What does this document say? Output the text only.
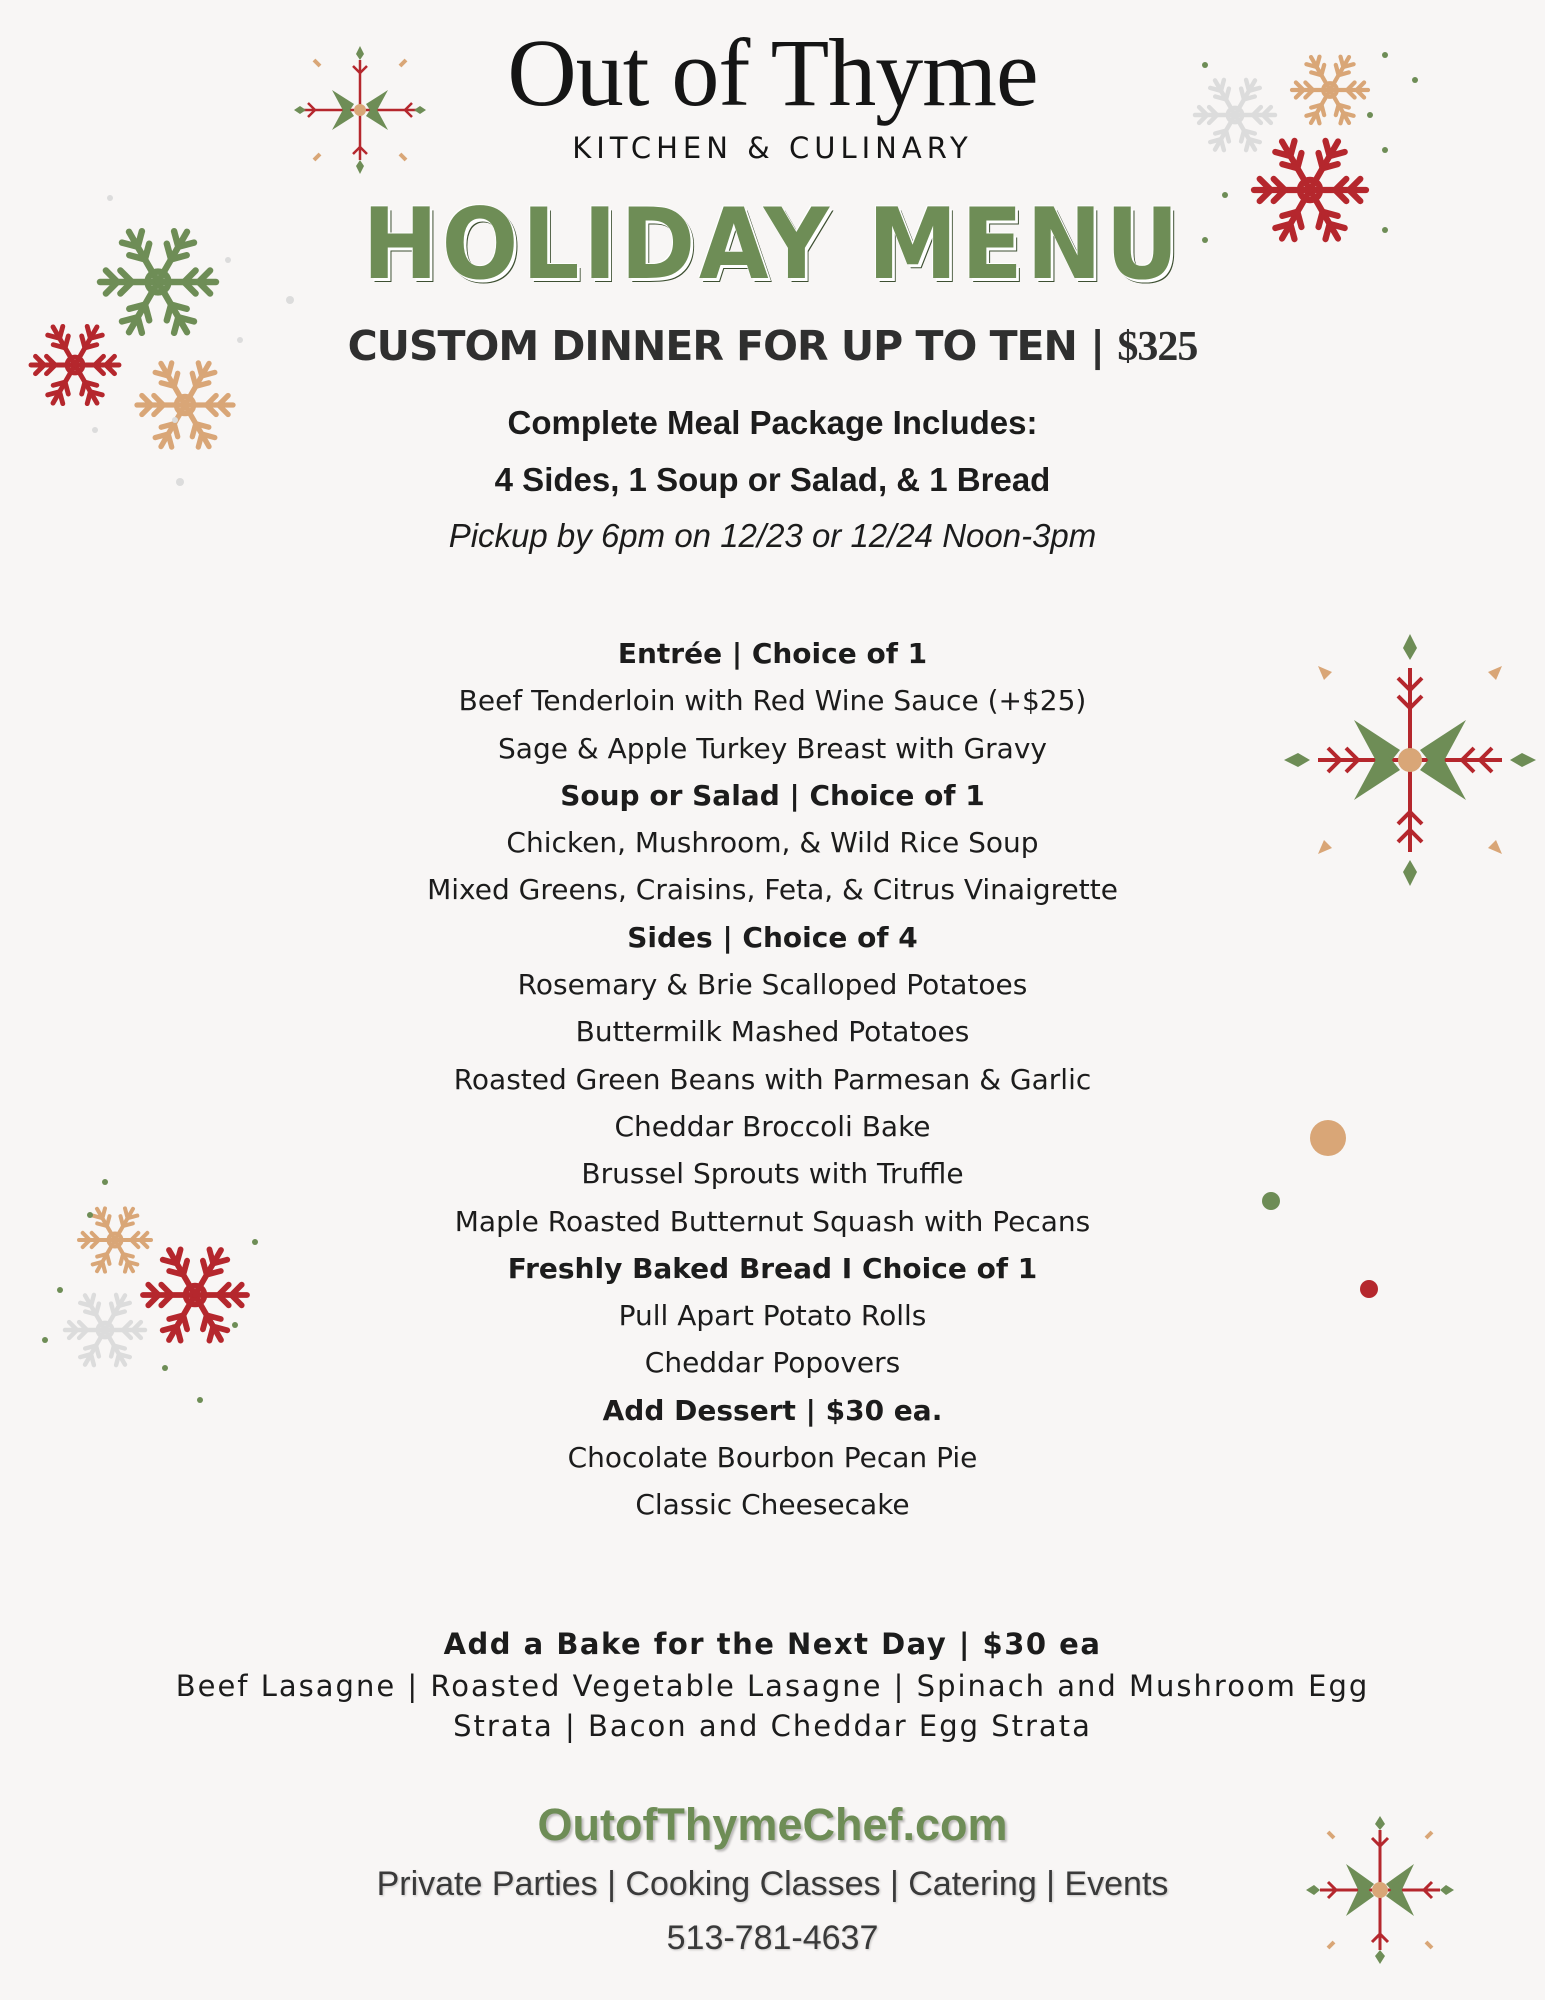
Out of Thyme
KITCHEN & CULINARY
HOLIDAY MENU
CUSTOM DINNER FOR UP TO TEN | $325
Complete Meal Package Includes:
4 Sides, 1 Soup or Salad, & 1 Bread
Pickup by 6pm on 12/23 or 12/24 Noon-3pm
Entrée | Choice of 1
Beef Tenderloin with Red Wine Sauce (+$25)
Sage & Apple Turkey Breast with Gravy
Soup or Salad | Choice of 1
Chicken, Mushroom, & Wild Rice Soup
Mixed Greens, Craisins, Feta, & Citrus Vinaigrette
Sides | Choice of 4
Rosemary & Brie Scalloped Potatoes
Buttermilk Mashed Potatoes
Roasted Green Beans with Parmesan & Garlic
Cheddar Broccoli Bake
Brussel Sprouts with Truffle
Maple Roasted Butternut Squash with Pecans
Freshly Baked Bread I Choice of 1
Pull Apart Potato Rolls
Cheddar Popovers
Add Dessert | $30 ea.
Chocolate Bourbon Pecan Pie
Classic Cheesecake
Add a Bake for the Next Day | $30 ea
Beef Lasagne | Roasted Vegetable Lasagne | Spinach and Mushroom Egg
Strata | Bacon and Cheddar Egg Strata
OutofThymeChef.com
Private Parties | Cooking Classes | Catering | Events
513-781-4637
